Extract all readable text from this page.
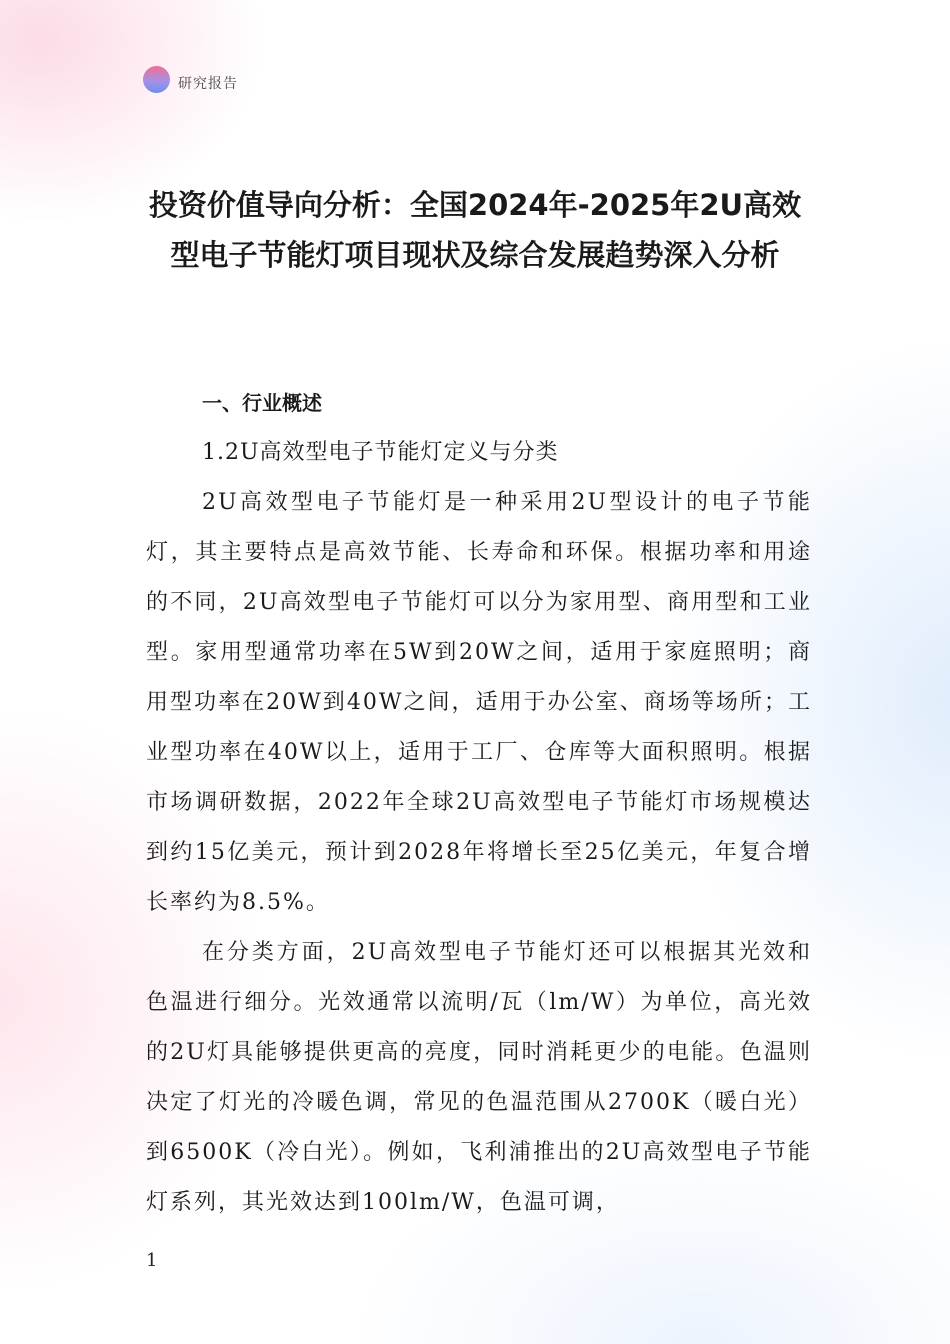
研究报告
投资价值导向分析：全国2024年-2025年2U高效型电子节能灯项目现状及综合发展趋势深入分析
一、行业概述
1.2U高效型电子节能灯定义与分类

2U高效型电子节能灯是一种采用2U型设计的电子节能灯，其主要特点是高效节能、长寿命和环保。根据功率和用途的不同，2U高效型电子节能灯可以分为家用型、商用型和工业型。家用型通常功率在5W到20W之间，适用于家庭照明；商用型功率在20W到40W之间，适用于办公室、商场等场所；工业型功率在40W以上，适用于工厂、仓库等大面积照明。根据市场调研数据，2022年全球2U高效型电子节能灯市场规模达到约15亿美元，预计到2028年将增长至25亿美元，年复合增长率约为8.5%。

在分类方面，2U高效型电子节能灯还可以根据其光效和色温进行细分。光效通常以流明/瓦（lm/W）为单位，高光效的2U灯具能够提供更高的亮度，同时消耗更少的电能。色温则决定了灯光的冷暖色调，常见的色温范围从2700K（暖白光）到6500K（冷白光）。例如，飞利浦推出的2U高效型电子节能灯系列，其光效达到100lm/W，色温可调，

1
